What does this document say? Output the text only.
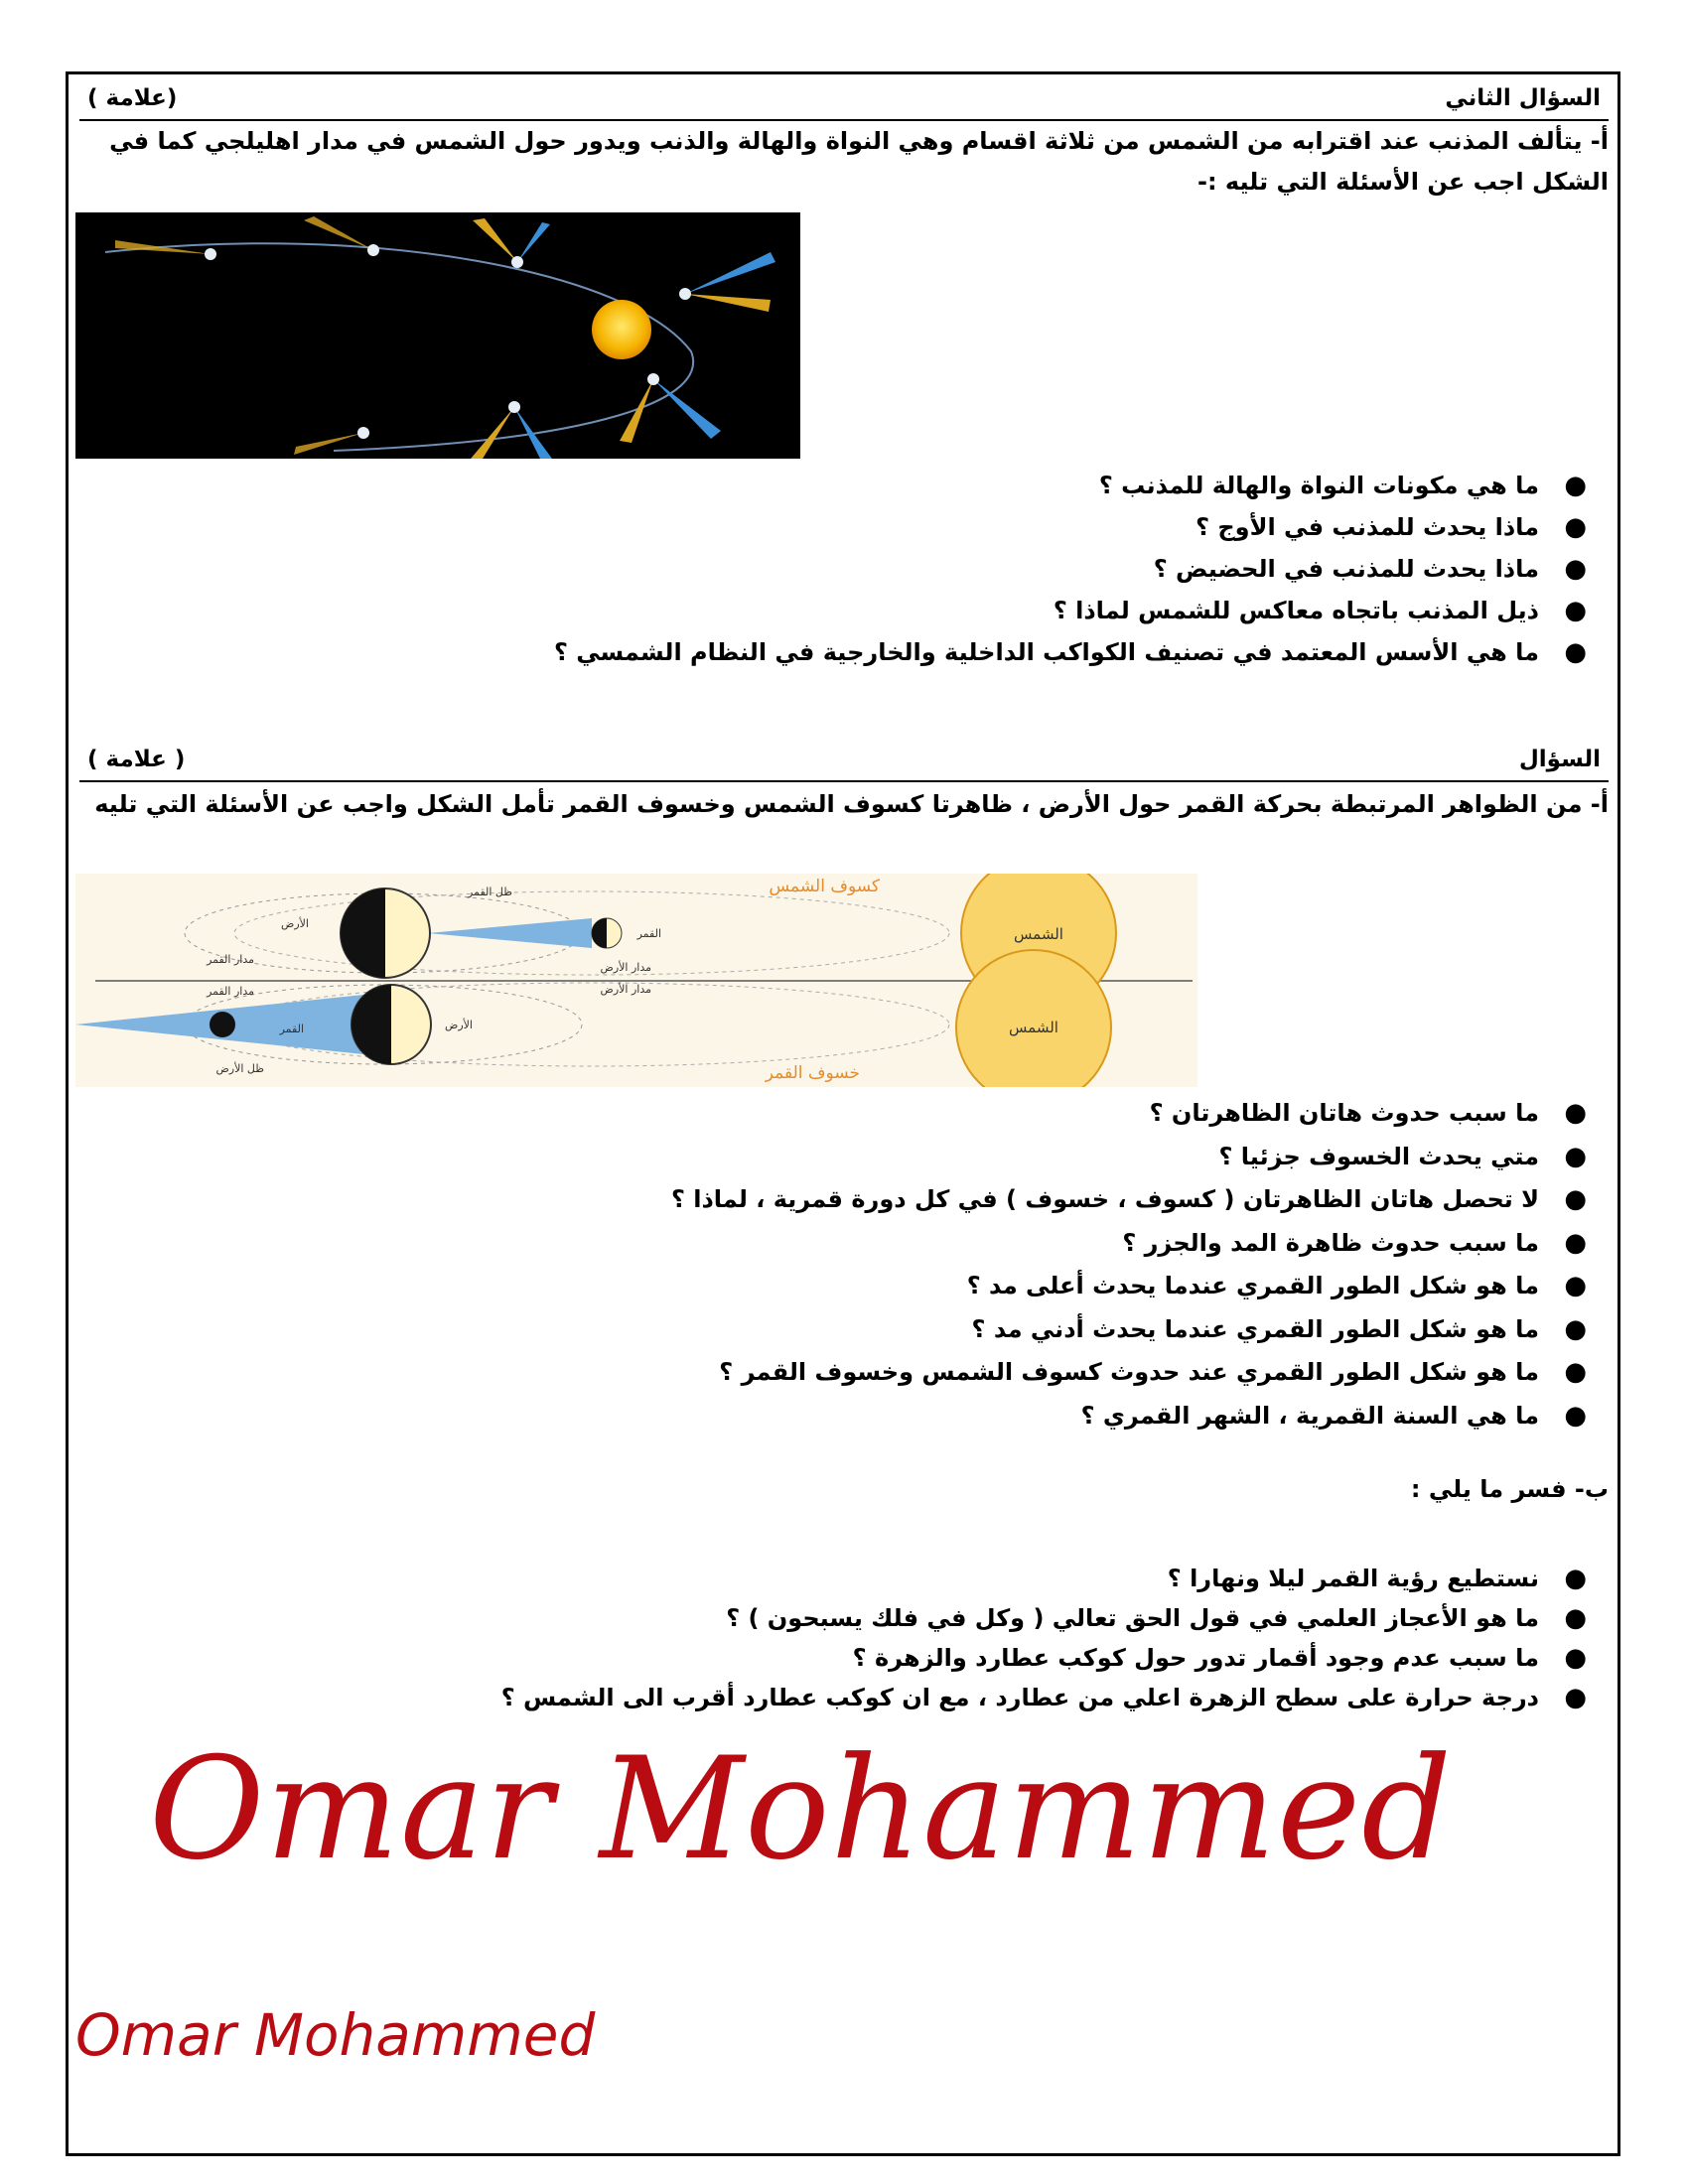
السؤال الثاني
(علامة )
أ- يتألف المذنب عند اقترابه من الشمس من ثلاثة اقسام وهي النواة والهالة والذنب ويدور حول الشمس في مدار اهليلجي كما في الشكل اجب عن الأسئلة التي تليه :-
●
ما هي مكونات النواة والهالة للمذنب ؟
●
ماذا يحدث للمذنب في الأوج ؟
●
ماذا يحدث للمذنب في الحضيض ؟
●
ذيل المذنب باتجاه معاكس للشمس لماذا ؟
●
ما هي الأسس المعتمد في تصنيف الكواكب الداخلية والخارجية في النظام الشمسي ؟
السؤال
( علامة )
أ- من الظواهر المرتبطة بحركة القمر حول الأرض ، ظاهرتا كسوف الشمس وخسوف القمر تأمل الشكل واجب عن الأسئلة التي تليه
كسوف الشمس
الشمس
الأرض
القمر
ظل القمر
مدار القمر
مدار الأرض
الشمس
القمر	الأرض
مدار القمر	مدار الأرض
ظل الأرض	خسوف القمر
●
ما سبب حدوث هاتان الظاهرتان ؟
●
متي يحدث الخسوف جزئيا ؟
●
لا تحصل هاتان الظاهرتان ( كسوف ، خسوف ) في كل دورة قمرية ، لماذا ؟
●
ما سبب حدوث ظاهرة المد والجزر ؟
●
ما هو شكل الطور القمري عندما يحدث أعلى مد ؟
●
ما هو شكل الطور القمري عندما يحدث أدني مد ؟
●
ما هو شكل الطور القمري عند حدوث كسوف الشمس وخسوف القمر ؟
●
ما هي السنة القمرية ، الشهر القمري ؟
ب- فسر ما يلي :
●
نستطيع رؤية القمر ليلا ونهارا ؟
●
ما هو الأعجاز العلمي في قول الحق تعالي ( وكل في فلك يسبحون ) ؟
●
ما سبب عدم وجود أقمار تدور حول كوكب عطارد والزهرة ؟
●
درجة حرارة على سطح الزهرة اعلي من عطارد ، مع ان كوكب عطارد أقرب الى الشمس ؟
Omar Mohammed
Omar Mohammed
